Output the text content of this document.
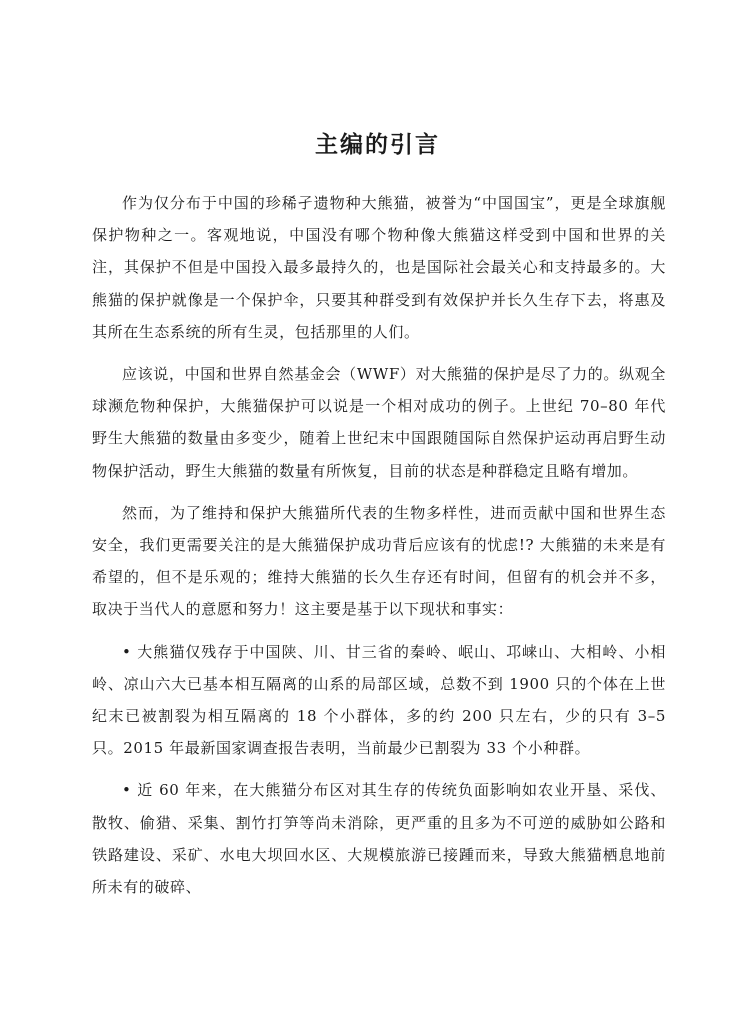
主编的引言

作为仅分布于中国的珍稀孑遗物种大熊猫，被誉为“中国国宝”，更是全球旗舰保护物种之一。客观地说，中国没有哪个物种像大熊猫这样受到中国和世界的关注，其保护不但是中国投入最多最持久的，也是国际社会最关心和支持最多的。大熊猫的保护就像是一个保护伞，只要其种群受到有效保护并长久生存下去，将惠及其所在生态系统的所有生灵，包括那里的人们。

应该说，中国和世界自然基金会（WWF）对大熊猫的保护是尽了力的。纵观全球濒危物种保护，大熊猫保护可以说是一个相对成功的例子。上世纪 70–80 年代野生大熊猫的数量由多变少，随着上世纪末中国跟随国际自然保护运动再启野生动物保护活动，野生大熊猫的数量有所恢复，目前的状态是种群稳定且略有增加。

然而，为了维持和保护大熊猫所代表的生物多样性，进而贡献中国和世界生态安全，我们更需要关注的是大熊猫保护成功背后应该有的忧虑!? 大熊猫的未来是有希望的，但不是乐观的；维持大熊猫的长久生存还有时间，但留有的机会并不多，取决于当代人的意愿和努力！这主要是基于以下现状和事实：

• 大熊猫仅残存于中国陕、川、甘三省的秦岭、岷山、邛崃山、大相岭、小相岭、凉山六大已基本相互隔离的山系的局部区域，总数不到 1900 只的个体在上世纪末已被割裂为相互隔离的 18 个小群体，多的约 200 只左右，少的只有 3–5 只。2015 年最新国家调查报告表明，当前最少已割裂为 33 个小种群。

• 近 60 年来，在大熊猫分布区对其生存的传统负面影响如农业开垦、采伐、散牧、偷猎、采集、割竹打笋等尚未消除，更严重的且多为不可逆的威胁如公路和铁路建设、采矿、水电大坝回水区、大规模旅游已接踵而来，导致大熊猫栖息地前所未有的破碎、
